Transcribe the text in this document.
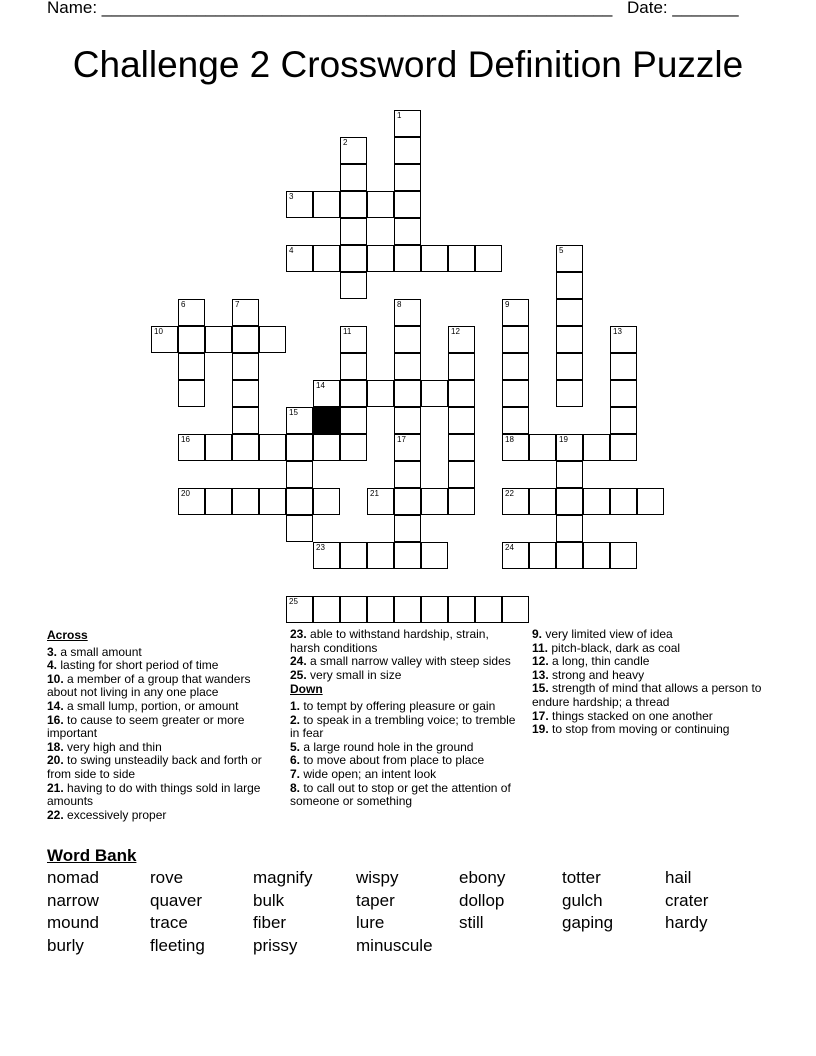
Name: ______________________________________________________ Date: _______
Challenge 2 Crossword Definition Puzzle
3
4
10
14
16	18	19
20	21	22
23	24
25
1
2
5
6	7	8	9
11	12	13
15
17
Across
3. a small amount
4. lasting for short period of time
10. a member of a group that wanders about not living in any one place
14. a small lump, portion, or amount
16. to cause to seem greater or more important
18. very high and thin
20. to swing unsteadily back and forth or from side to side
21. having to do with things sold in large amounts
22. excessively proper
23. able to withstand hardship, strain, harsh conditions
24. a small narrow valley with steep sides
25. very small in size
Down
1. to tempt by offering pleasure or gain
2. to speak in a trembling voice; to tremble in fear
5. a large round hole in the ground
6. to move about from place to place
7. wide open; an intent look
8. to call out to stop or get the attention of someone or something
9. very limited view of idea
11. pitch-black, dark as coal
12. a long, thin candle
13. strong and heavy
15. strength of mind that allows a person to endure hardship; a thread
17. things stacked on one another
19. to stop from moving or continuing
Word Bank
nomad	rove	magnify	wispy	ebony	totter	hail
narrow	quaver	bulk	taper	dollop	gulch	crater
mound	trace	fiber	lure	still	gaping	hardy
burly	fleeting	prissy	minuscule
